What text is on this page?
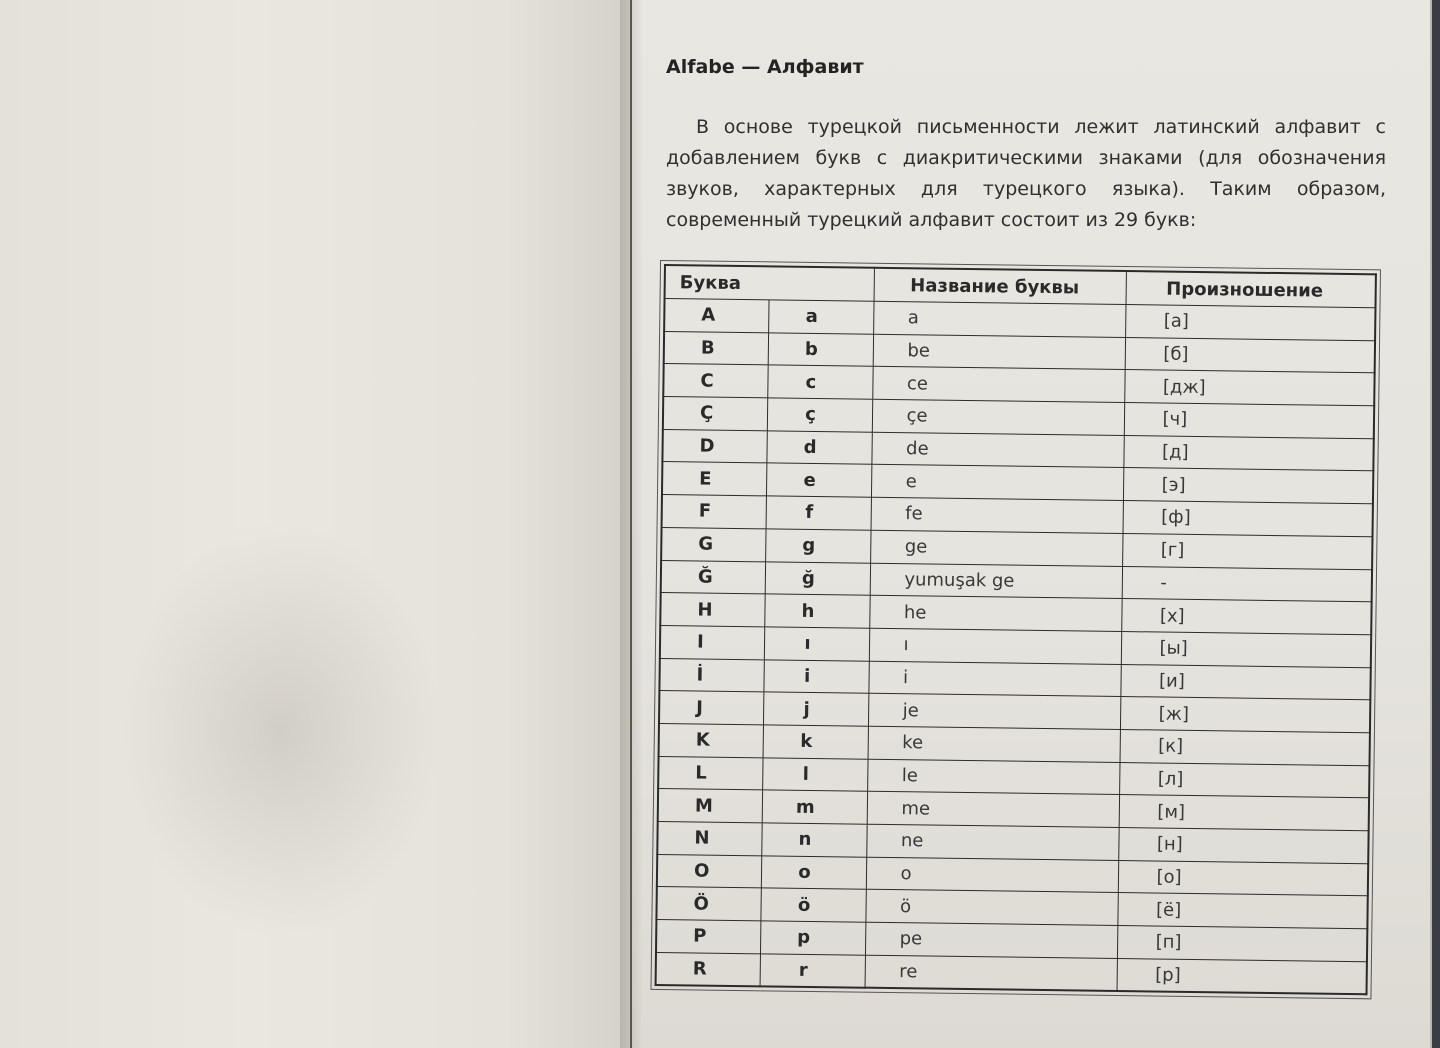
Alfabe — Алфавит

В основе турецкой письменности лежит латинский алфавит с добавлением букв с диакритическими знаками (для обозначения звуков, характерных для турецкого языка). Таким образом, современный турецкий алфавит состоит из 29 букв:

Буква		Название буквы	Произношение
A	a	a	[а]
B	b	be	[б]
C	c	ce	[дж]
Ç	ç	çe	[ч]
D	d	de	[д]
E	e	e	[э]
F	f	fe	[ф]
G	g	ge	[г]
Ğ	ğ	yumuşak ge	-
H	h	he	[х]
I	ı	ı	[ы]
İ	i	i	[и]
J	j	je	[ж]
K	k	ke	[к]
L	l	le	[л]
M	m	me	[м]
N	n	ne	[н]
O	o	o	[о]
Ö	ö	ö	[ё]
P	p	pe	[п]
R	r	re	[р]
